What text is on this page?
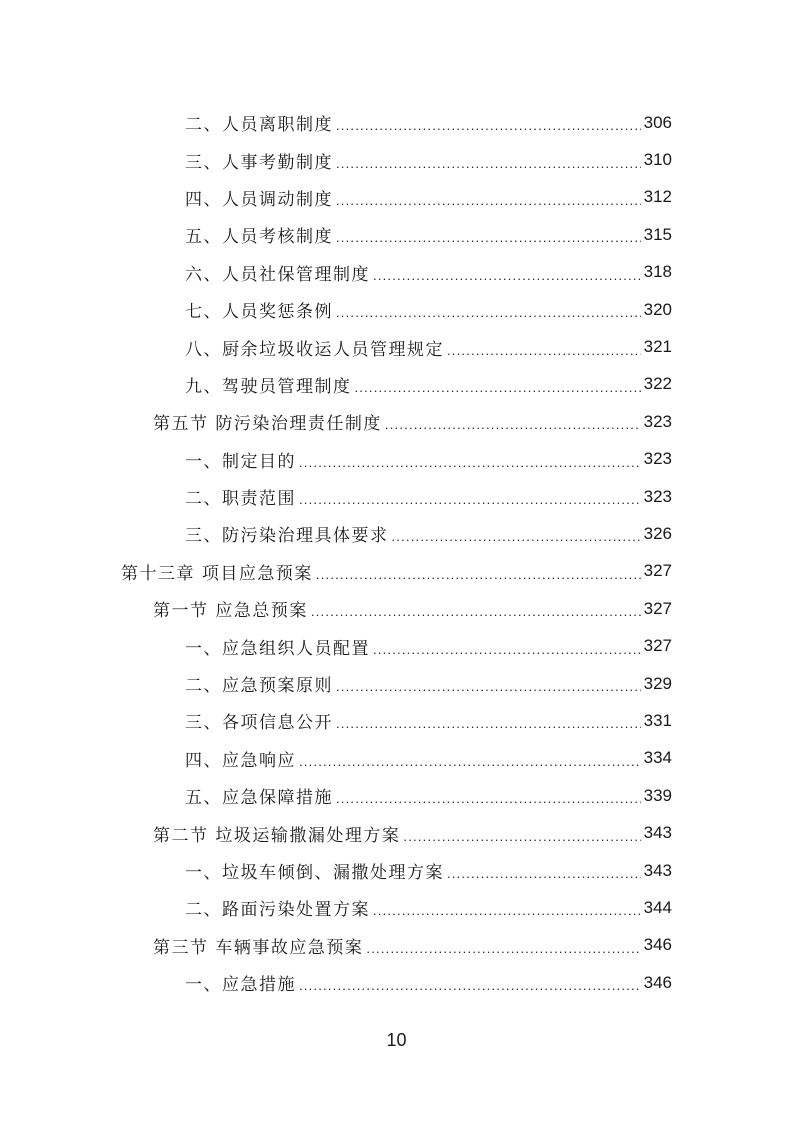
二、人员离职制度 .....	306
三、人事考勤制度 .....	310
四、人员调动制度 .....	312
五、人员考核制度 .....	315
六、人员社保管理制度 .....	318
七、人员奖惩条例 .....	320
八、厨余垃圾收运人员管理规定 .....	321
九、驾驶员管理制度 .....	322
第五节 防污染治理责任制度 .....	323
一、制定目的 .....	323
二、职责范围 .....	323
三、防污染治理具体要求 .....	326
第十三章 项目应急预案 .....	327
第一节 应急总预案 .....	327
一、应急组织人员配置 .....	327
二、应急预案原则 .....	329
三、各项信息公开 .....	331
四、应急响应 .....	334
五、应急保障措施 .....	339
第二节 垃圾运输撒漏处理方案 .....	343
一、垃圾车倾倒、漏撒处理方案 .....	343
二、路面污染处置方案 .....	344
第三节 车辆事故应急预案 .....	346
一、应急措施 .....	346
10
